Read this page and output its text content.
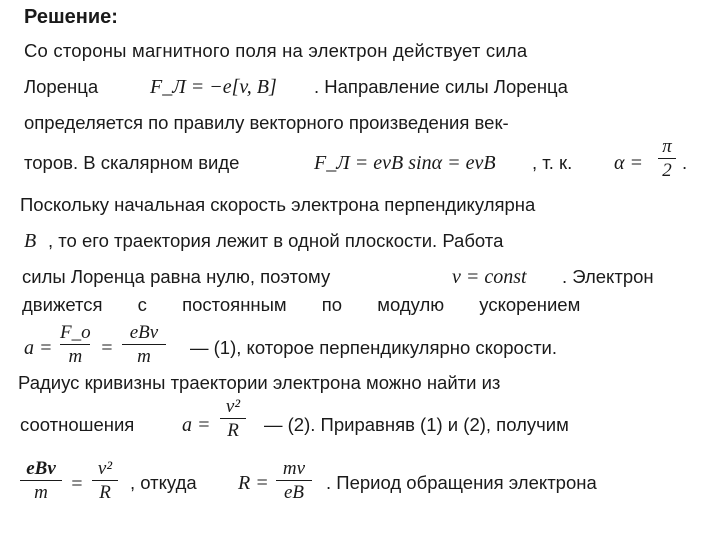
Решение:
Со стороны магнитного поля на электрон действует сила
Лоренца	F_Л = −e[v, B] . Направление силы Лоренца
определяется по правилу векторного произведения век-
торов. В скалярном виде	F_Л = evB sinα = evB , т. к. α =
π
2 .
Поскольку начальная скорость электрона перпендикулярна
B , то его траектория лежит в одной плоскости. Работа
силы Лоренца равна нулю, поэтому	v = const . Электрон
движется с постоянным по модулю ускорением
a =
F_o
m =
eBv
m	— (1), которое перпендикулярно скорости.
Радиус кривизны траектории электрона можно найти из
соотношения a =
v²
R	— (2). Приравняв (1) и (2), получим
eBv
m	=
v²
R	, откуда R =
mv
eB	. Период обращения электрона
